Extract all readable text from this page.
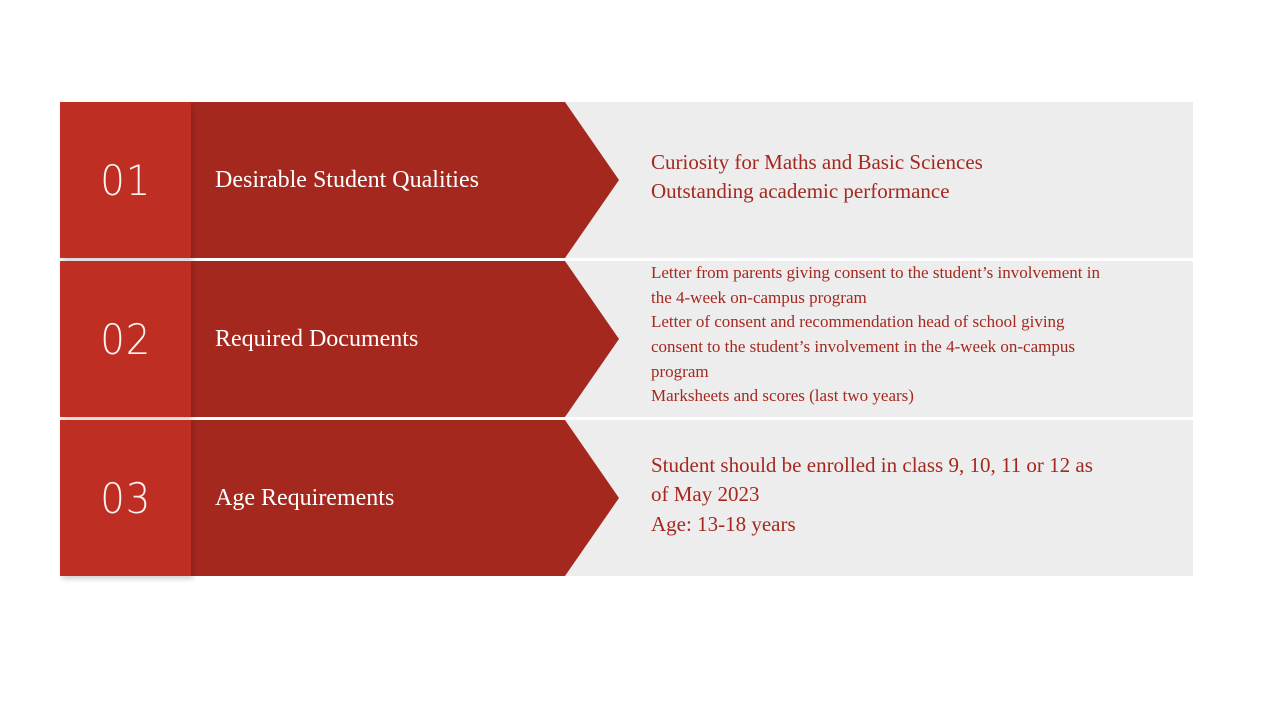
01	Desirable Student Qualities
Curiosity for Maths and Basic Sciences
Outstanding academic performance
02	Required Documents
Letter from parents giving consent to the student’s involvement in
the 4-week on-campus program
Letter of consent and recommendation head of school giving
consent to the student’s involvement in the 4-week on-campus
program
Marksheets and scores (last two years)
03	Age Requirements
Student should be enrolled in class 9, 10, 11 or 12 as
of May 2023
Age: 13-18 years
